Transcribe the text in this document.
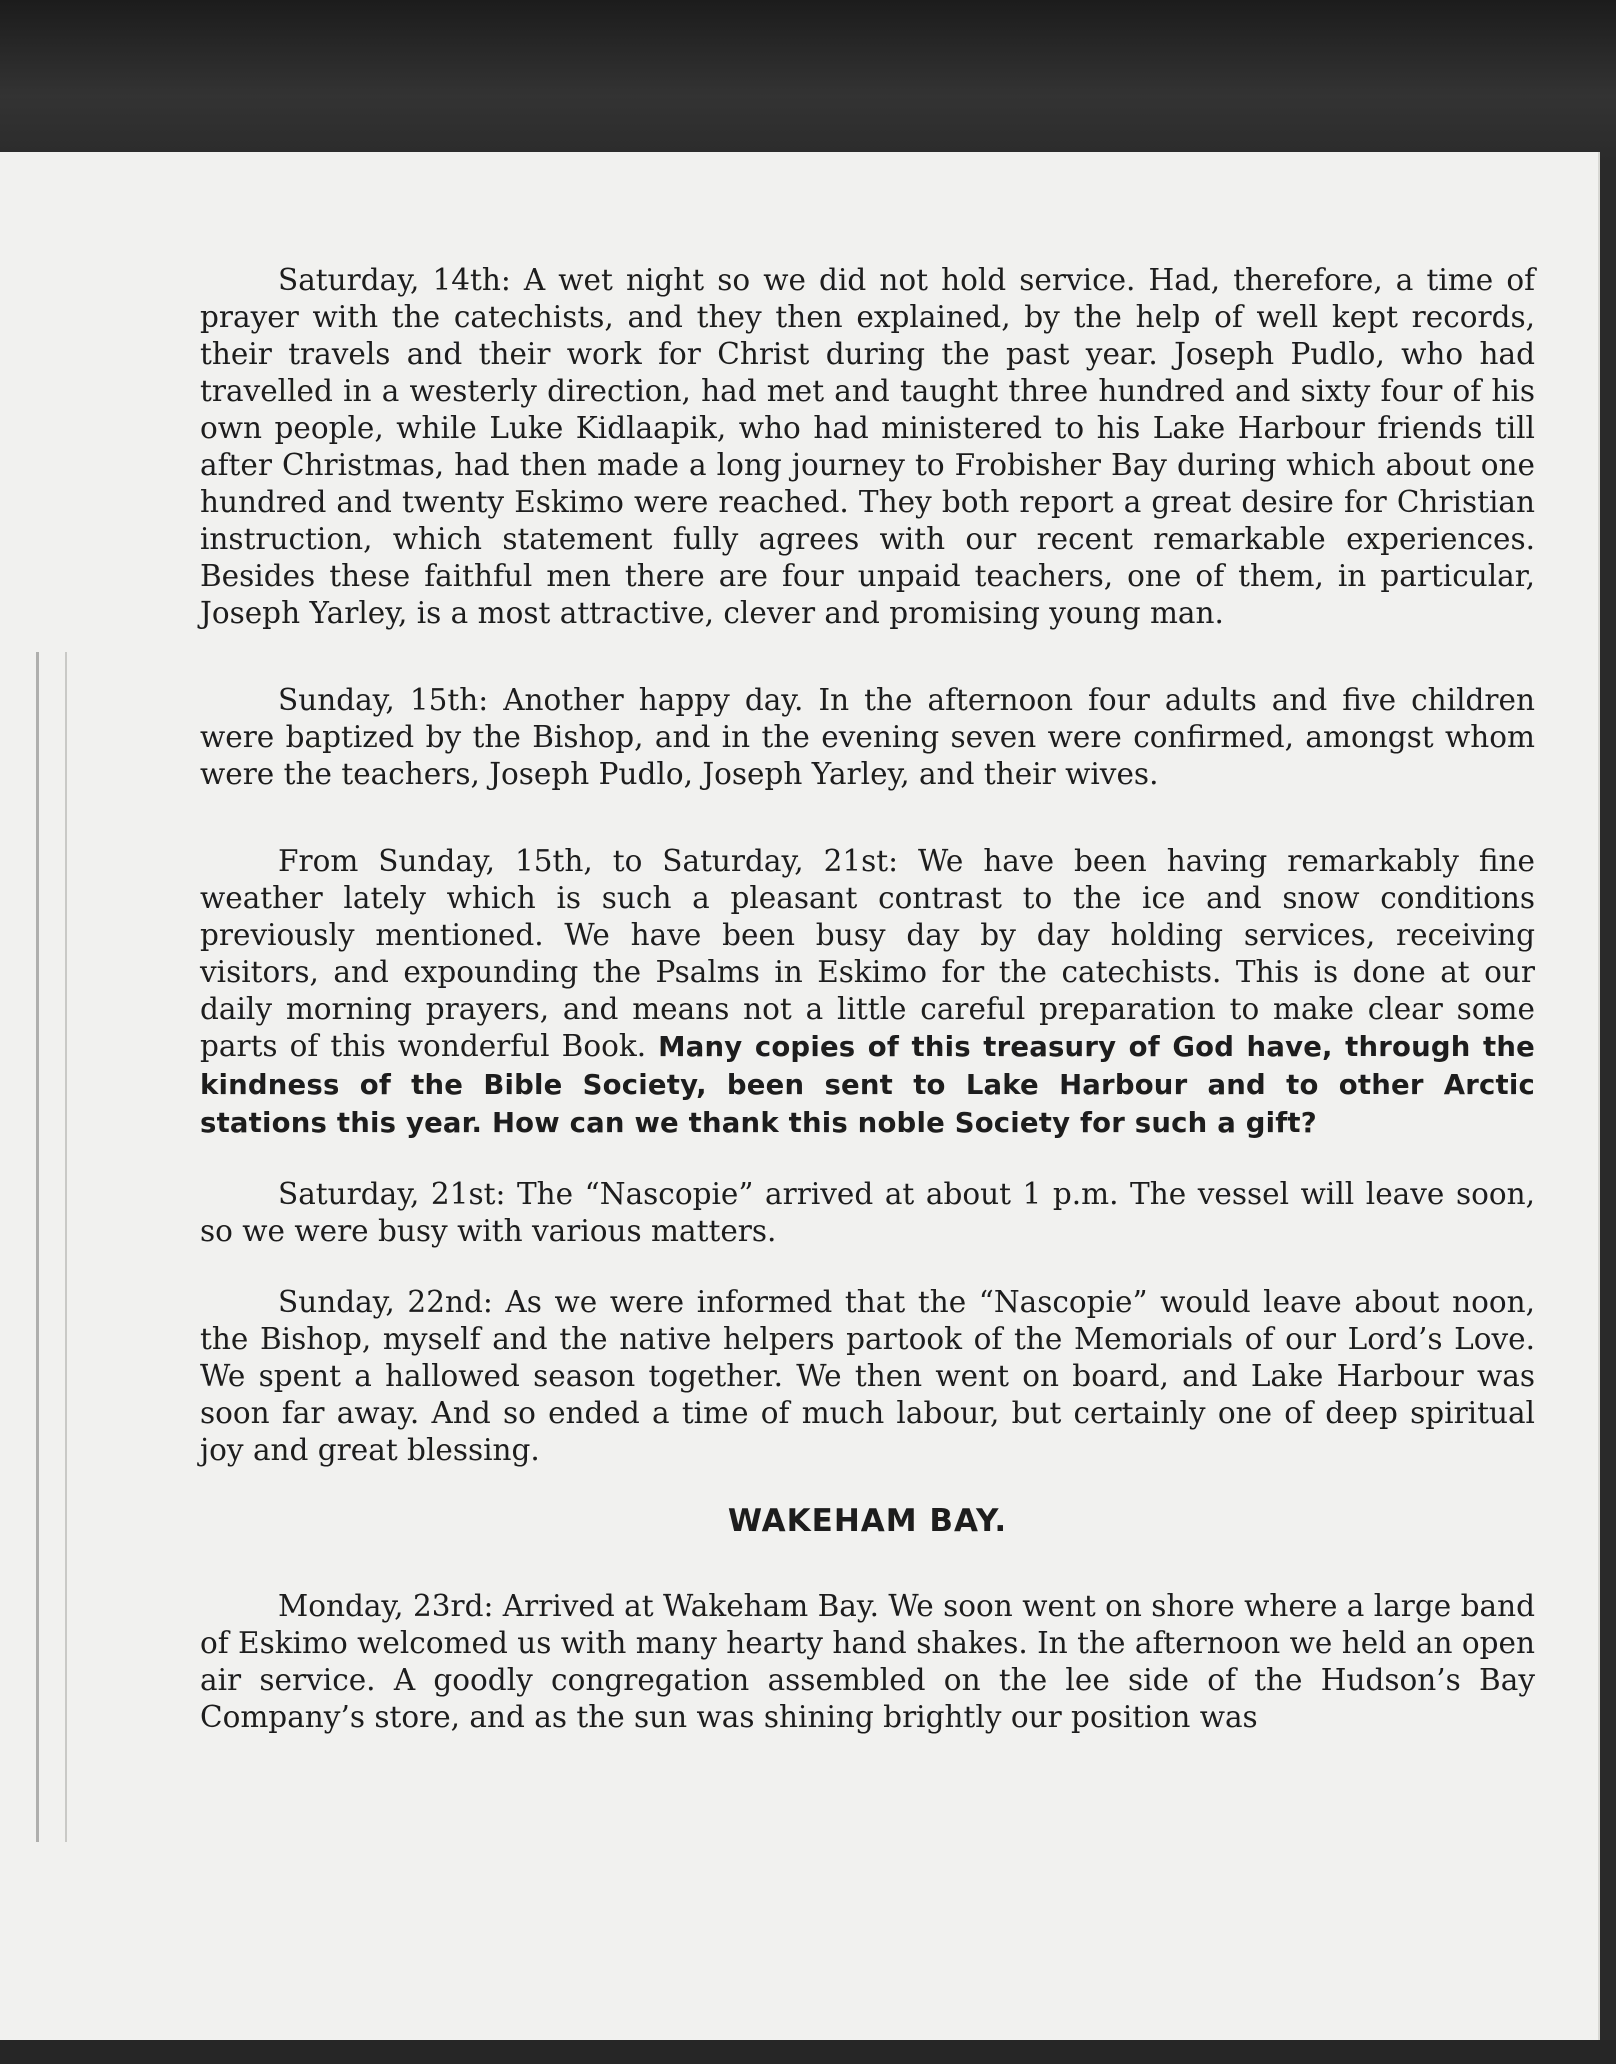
Saturday, 14th: A wet night so we did not hold service. Had, therefore, a time of prayer with the catechists, and they then explained, by the help of well kept records, their travels and their work for Christ during the past year. Joseph Pudlo, who had travelled in a westerly direction, had met and taught three hundred and sixty four of his own people, while Luke Kidlaapik, who had ministered to his Lake Harbour friends till after Christmas, had then made a long journey to Frobisher Bay during which about one hundred and twenty Eskimo were reached. They both report a great desire for Christian instruction, which statement fully agrees with our recent remarkable experiences. Besides these faithful men there are four unpaid teachers, one of them, in particular, Joseph Yarley, is a most attractive, clever and promising young man.

Sunday, 15th: Another happy day. In the afternoon four adults and five children were baptized by the Bishop, and in the evening seven were confirmed, amongst whom were the teachers, Joseph Pudlo, Joseph Yarley, and their wives.

From Sunday, 15th, to Saturday, 21st: We have been having remarkably fine weather lately which is such a pleasant contrast to the ice and snow conditions previously mentioned. We have been busy day by day holding services, receiving visitors, and expounding the Psalms in Eskimo for the catechists. This is done at our daily morning prayers, and means not a little careful preparation to make clear some parts of this wonderful Book. Many copies of this treasury of God have, through the kindness of the Bible Society, been sent to Lake Harbour and to other Arctic stations this year. How can we thank this noble Society for such a gift?

Saturday, 21st: The “Nascopie” arrived at about 1 p.m. The vessel will leave soon, so we were busy with various matters.

Sunday, 22nd: As we were informed that the “Nascopie” would leave about noon, the Bishop, myself and the native helpers partook of the Memorials of our Lord’s Love. We spent a hallowed season together. We then went on board, and Lake Harbour was soon far away. And so ended a time of much labour, but certainly one of deep spiritual joy and great blessing.

WAKEHAM BAY.

Monday, 23rd: Arrived at Wakeham Bay. We soon went on shore where a large band of Eskimo welcomed us with many hearty hand shakes. In the afternoon we held an open air service. A goodly congregation assembled on the lee side of the Hudson’s Bay Company’s store, and as the sun was shining brightly our position was
